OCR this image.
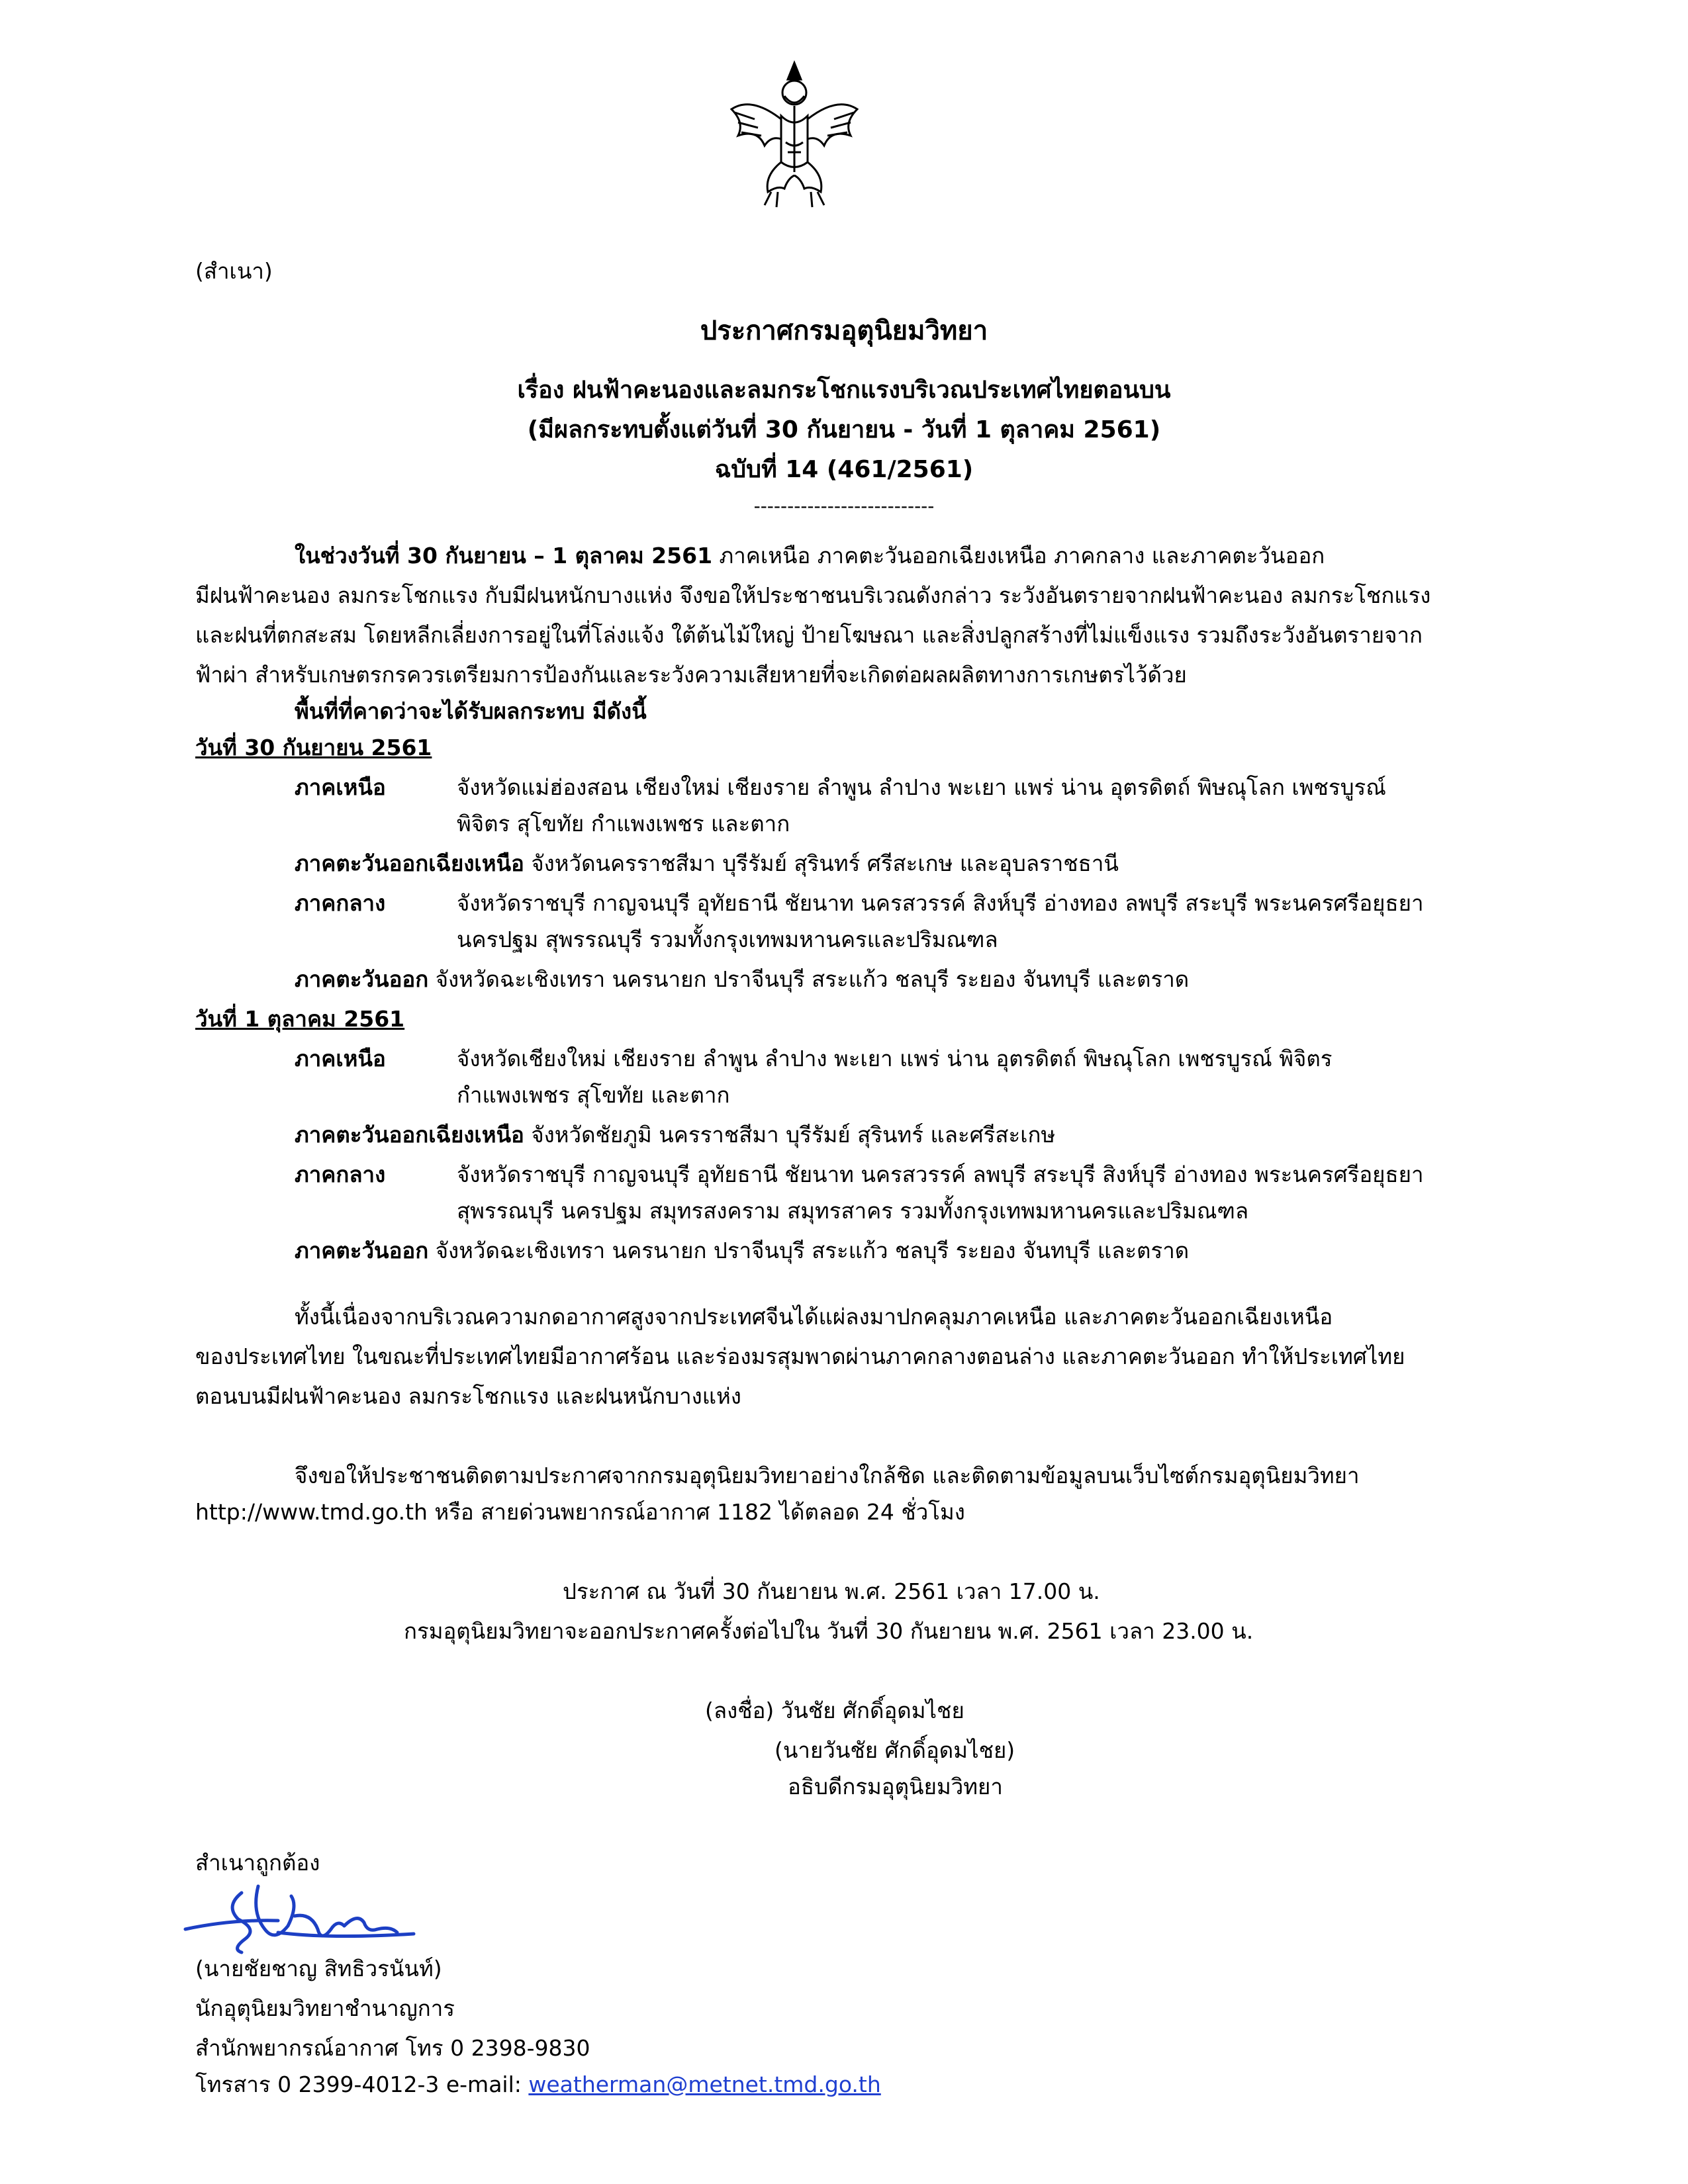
(สำเนา)
ประกาศกรมอุตุนิยมวิทยา
เรื่อง ฝนฟ้าคะนองและลมกระโชกแรงบริเวณประเทศไทยตอนบน
(มีผลกระทบตั้งแต่วันที่ 30 กันยายน - วันที่ 1 ตุลาคม 2561)
ฉบับที่ 14 (461/2561)
---------------------------
ในช่วงวันที่ 30 กันยายน – 1 ตุลาคม 2561 ภาคเหนือ ภาคตะวันออกเฉียงเหนือ ภาคกลาง และภาคตะวันออก
มีฝนฟ้าคะนอง ลมกระโชกแรง กับมีฝนหนักบางแห่ง จึงขอให้ประชาชนบริเวณดังกล่าว ระวังอันตรายจากฝนฟ้าคะนอง ลมกระโชกแรง
และฝนที่ตกสะสม โดยหลีกเลี่ยงการอยู่ในที่โล่งแจ้ง ใต้ต้นไม้ใหญ่ ป้ายโฆษณา และสิ่งปลูกสร้างที่ไม่แข็งแรง รวมถึงระวังอันตรายจาก
ฟ้าผ่า สำหรับเกษตรกรควรเตรียมการป้องกันและระวังความเสียหายที่จะเกิดต่อผลผลิตทางการเกษตรไว้ด้วย
พื้นที่ที่คาดว่าจะได้รับผลกระทบ มีดังนี้
วันที่ 30 กันยายน 2561
ภาคเหนือ	จังหวัดแม่ฮ่องสอน เชียงใหม่ เชียงราย ลำพูน ลำปาง พะเยา แพร่ น่าน อุตรดิตถ์ พิษณุโลก เพชรบูรณ์
พิจิตร สุโขทัย กำแพงเพชร และตาก
ภาคตะวันออกเฉียงเหนือ จังหวัดนครราชสีมา บุรีรัมย์ สุรินทร์ ศรีสะเกษ และอุบลราชธานี
ภาคกลาง	จังหวัดราชบุรี กาญจนบุรี อุทัยธานี ชัยนาท นครสวรรค์ สิงห์บุรี อ่างทอง ลพบุรี สระบุรี พระนครศรีอยุธยา
นครปฐม สุพรรณบุรี รวมทั้งกรุงเทพมหานครและปริมณฑล
ภาคตะวันออก จังหวัดฉะเชิงเทรา นครนายก ปราจีนบุรี สระแก้ว ชลบุรี ระยอง จันทบุรี และตราด
วันที่ 1 ตุลาคม 2561
ภาคเหนือ	จังหวัดเชียงใหม่ เชียงราย ลำพูน ลำปาง พะเยา แพร่ น่าน อุตรดิตถ์ พิษณุโลก เพชรบูรณ์ พิจิตร
กำแพงเพชร สุโขทัย และตาก
ภาคตะวันออกเฉียงเหนือ จังหวัดชัยภูมิ นครราชสีมา บุรีรัมย์ สุรินทร์ และศรีสะเกษ
ภาคกลาง	จังหวัดราชบุรี กาญจนบุรี อุทัยธานี ชัยนาท นครสวรรค์ ลพบุรี สระบุรี สิงห์บุรี อ่างทอง พระนครศรีอยุธยา
สุพรรณบุรี นครปฐม สมุทรสงคราม สมุทรสาคร รวมทั้งกรุงเทพมหานครและปริมณฑล
ภาคตะวันออก จังหวัดฉะเชิงเทรา นครนายก ปราจีนบุรี สระแก้ว ชลบุรี ระยอง จันทบุรี และตราด
ทั้งนี้เนื่องจากบริเวณความกดอากาศสูงจากประเทศจีนได้แผ่ลงมาปกคลุมภาคเหนือ และภาคตะวันออกเฉียงเหนือ
ของประเทศไทย ในขณะที่ประเทศไทยมีอากาศร้อน และร่องมรสุมพาดผ่านภาคกลางตอนล่าง และภาคตะวันออก ทำให้ประเทศไทย
ตอนบนมีฝนฟ้าคะนอง ลมกระโชกแรง และฝนหนักบางแห่ง
จึงขอให้ประชาชนติดตามประกาศจากกรมอุตุนิยมวิทยาอย่างใกล้ชิด และติดตามข้อมูลบนเว็บไซต์กรมอุตุนิยมวิทยา
http://www.tmd.go.th หรือ สายด่วนพยากรณ์อากาศ 1182 ได้ตลอด 24 ชั่วโมง
ประกาศ ณ วันที่ 30 กันยายน พ.ศ. 2561 เวลา 17.00 น.
กรมอุตุนิยมวิทยาจะออกประกาศครั้งต่อไปใน วันที่ 30 กันยายน พ.ศ. 2561 เวลา 23.00 น.
(ลงชื่อ) วันชัย ศักดิ์อุดมไชย
(นายวันชัย ศักดิ์อุดมไชย)
อธิบดีกรมอุตุนิยมวิทยา
สำเนาถูกต้อง
(นายชัยชาญ สิทธิวรนันท์)
นักอุตุนิยมวิทยาชำนาญการ
สำนักพยากรณ์อากาศ โทร 0 2398-9830
โทรสาร 0 2399-4012-3 e-mail: weatherman@metnet.tmd.go.th
